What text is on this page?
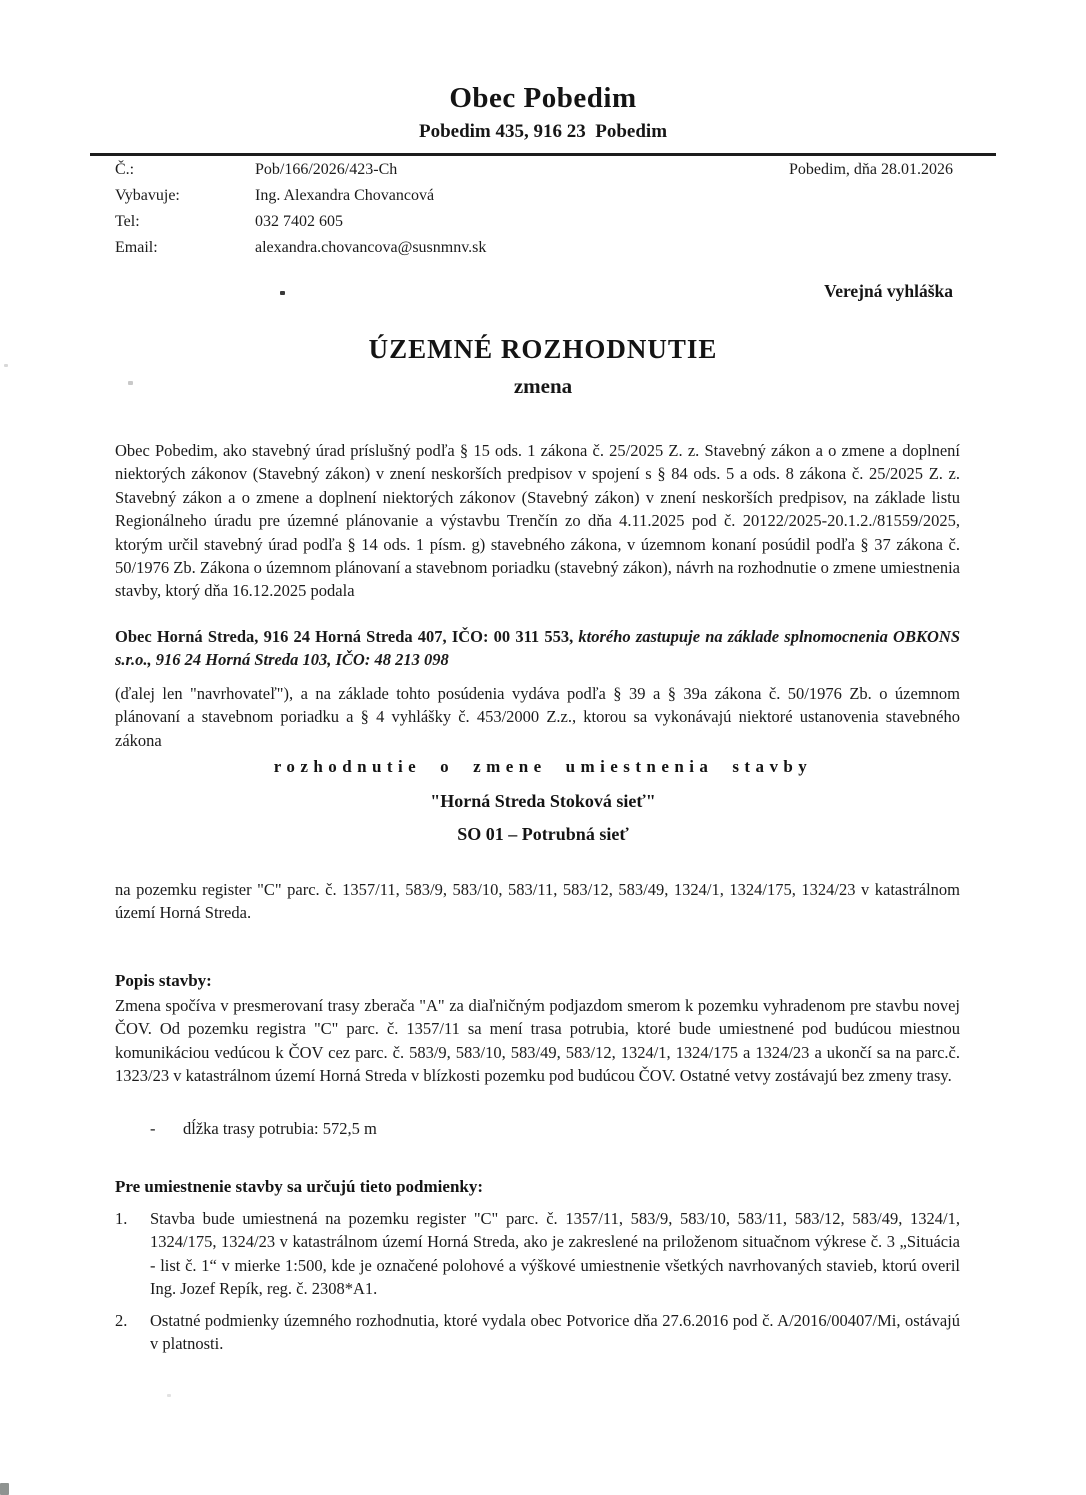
Obec Pobedim
Pobedim 435, 916 23  Pobedim
Č.:	Pob/166/2026/423-Ch	Pobedim, dňa 28.01.2026
Vybavuje:	Ing. Alexandra Chovancová
Tel:	032 7402 605
Email:	alexandra.chovancova@susnmnv.sk
Verejná vyhláška
ÚZEMNÉ ROZHODNUTIE
zmena
Obec Pobedim, ako stavebný úrad príslušný podľa § 15 ods. 1 zákona č. 25/2025 Z. z. Stavebný zákon a o zmene a doplnení niektorých zákonov (Stavebný zákon) v znení neskorších predpisov v spojení s § 84 ods. 5 a ods. 8 zákona č. 25/2025 Z. z. Stavebný zákon a o zmene a doplnení niektorých zákonov (Stavebný zákon) v znení neskorších predpisov, na základe listu Regionálneho úradu pre územné plánovanie a výstavbu Trenčín zo dňa 4.11.2025 pod č. 20122/2025-20.1.2./81559/2025, ktorým určil stavebný úrad podľa § 14 ods. 1 písm. g) stavebného zákona, v územnom konaní posúdil podľa § 37 zákona č. 50/1976 Zb. Zákona o územnom plánovaní a stavebnom poriadku (stavebný zákon), návrh na rozhodnutie o zmene umiestnenia stavby, ktorý dňa 16.12.2025 podala
Obec Horná Streda, 916 24 Horná Streda 407, IČO: 00 311 553, ktorého zastupuje na základe splnomocnenia OBKONS s.r.o., 916 24 Horná Streda 103, IČO: 48 213 098
(ďalej len "navrhovateľ"), a na základe tohto posúdenia vydáva podľa § 39 a § 39a zákona č. 50/1976 Zb. o územnom plánovaní a stavebnom poriadku a § 4 vyhlášky č. 453/2000 Z.z., ktorou sa vykonávajú niektoré ustanovenia stavebného zákona
rozhodnutie o zmene umiestnenia stavby
"Horná Streda Stoková sieť"
SO 01 – Potrubná sieť
na pozemku register "C" parc. č. 1357/11, 583/9, 583/10, 583/11, 583/12, 583/49, 1324/1, 1324/175, 1324/23 v katastrálnom území Horná Streda.
Popis stavby:
Zmena spočíva v presmerovaní trasy zberača "A" za diaľničným podjazdom smerom k pozemku vyhradenom pre stavbu novej ČOV. Od pozemku registra "C" parc. č. 1357/11 sa mení trasa potrubia, ktoré bude umiestnené pod budúcou miestnou komunikáciou vedúcou k ČOV cez parc. č. 583/9, 583/10, 583/49, 583/12, 1324/1, 1324/175 a 1324/23 a ukončí sa na parc.č. 1323/23 v katastrálnom území Horná Streda v blízkosti pozemku pod budúcou ČOV. Ostatné vetvy zostávajú bez zmeny trasy.
- dĺžka trasy potrubia: 572,5 m
Pre umiestnenie stavby sa určujú tieto podmienky:
1. Stavba bude umiestnená na pozemku register "C" parc. č. 1357/11, 583/9, 583/10, 583/11, 583/12, 583/49, 1324/1, 1324/175, 1324/23 v katastrálnom území Horná Streda, ako je zakreslené na priloženom situačnom výkrese č. 3 „Situácia - list č. 1“ v mierke 1:500, kde je označené polohové a výškové umiestnenie všetkých navrhovaných stavieb, ktorú overil Ing. Jozef Repík, reg. č. 2308*A1.
2. Ostatné podmienky územného rozhodnutia, ktoré vydala obec Potvorice dňa 27.6.2016 pod č. A/2016/00407/Mi, ostávajú v platnosti.
